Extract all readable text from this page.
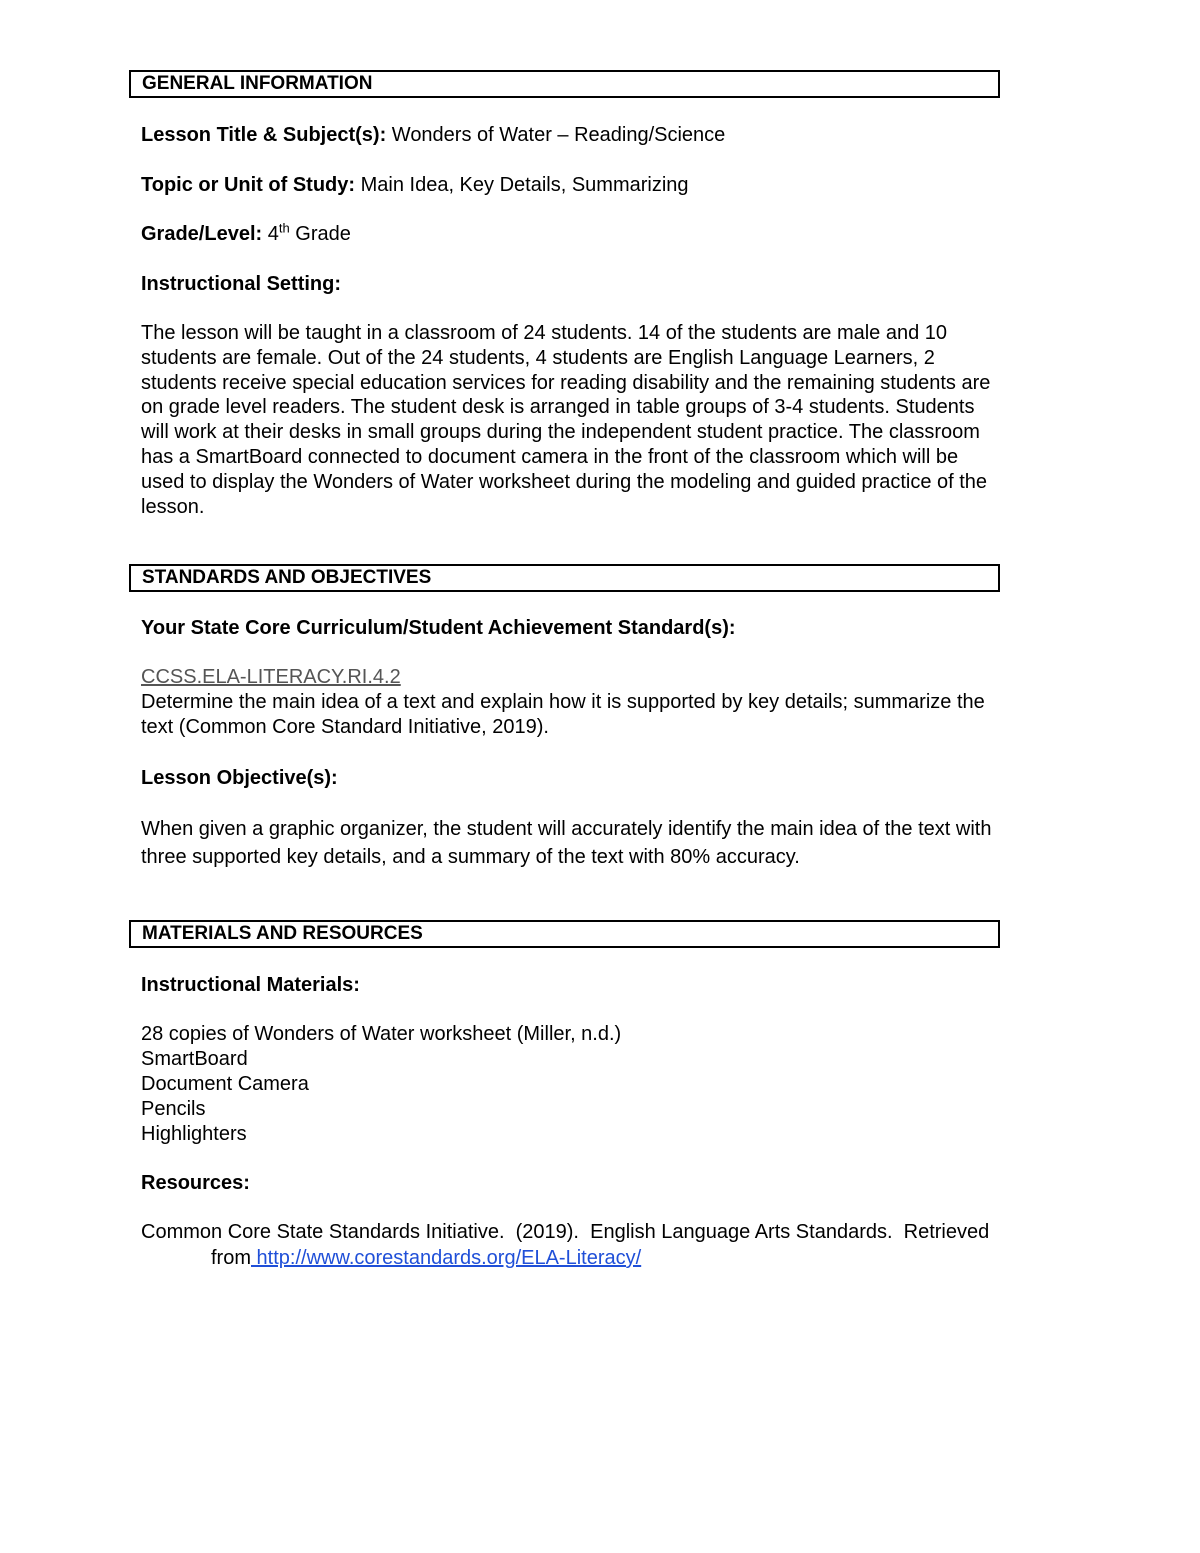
GENERAL INFORMATION
Lesson Title & Subject(s): Wonders of Water – Reading/Science
Topic or Unit of Study: Main Idea, Key Details, Summarizing
Grade/Level: 4th Grade
Instructional Setting:
The lesson will be taught in a classroom of 24 students. 14 of the students are male and 10
students are female. Out of the 24 students, 4 students are English Language Learners, 2
students receive special education services for reading disability and the remaining students are
on grade level readers. The student desk is arranged in table groups of 3-4 students. Students
will work at their desks in small groups during the independent student practice. The classroom
has a SmartBoard connected to document camera in the front of the classroom which will be
used to display the Wonders of Water worksheet during the modeling and guided practice of the
lesson.
STANDARDS AND OBJECTIVES
Your State Core Curriculum/Student Achievement Standard(s):
CCSS.ELA-LITERACY.RI.4.2
Determine the main idea of a text and explain how it is supported by key details; summarize the
text (Common Core Standard Initiative, 2019).
Lesson Objective(s):
When given a graphic organizer, the student will accurately identify the main idea of the text with
three supported key details, and a summary of the text with 80% accuracy.
MATERIALS AND RESOURCES
Instructional Materials:
28 copies of Wonders of Water worksheet (Miller, n.d.)
SmartBoard
Document Camera
Pencils
Highlighters
Resources:
Common Core State Standards Initiative.  (2019).  English Language Arts Standards.  Retrieved
from http://www.corestandards.org/ELA-Literacy/
